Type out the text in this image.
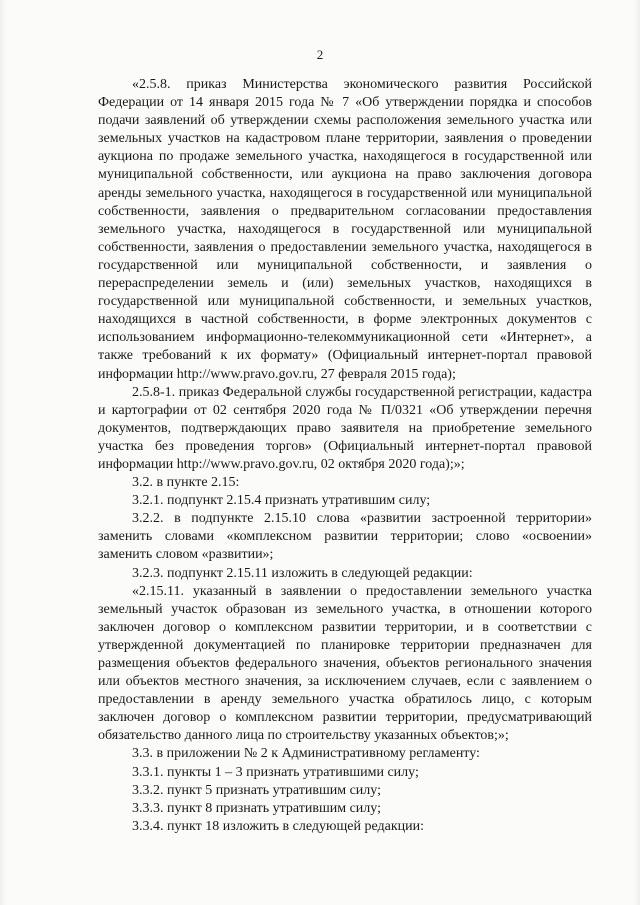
2

«2.5.8. приказ Министерства экономического развития Российской Федерации от 14 января 2015 года № 7 «Об утверждении порядка и способов подачи заявлений об утверждении схемы расположения земельного участка или земельных участков на кадастровом плане территории, заявления о проведении аукциона по продаже земельного участка, находящегося в государственной или муниципальной собственности, или аукциона на право заключения договора аренды земельного участка, находящегося в государственной или муниципальной собственности, заявления о предварительном согласовании предоставления земельного участка, находящегося в государственной или муниципальной собственности, заявления о предоставлении земельного участка, находящегося в государственной или муниципальной собственности, и заявления о перераспределении земель и (или) земельных участков, находящихся в государственной или муниципальной собственности, и земельных участков, находящихся в частной собственности, в форме электронных документов с использованием информационно-телекоммуникационной сети «Интернет», а также требований к их формату» (Официальный интернет-портал правовой информации http://www.pravo.gov.ru, 27 февраля 2015 года);

2.5.8-1. приказ Федеральной службы государственной регистрации, кадастра и картографии от 02 сентября 2020 года № П/0321 «Об утверждении перечня документов, подтверждающих право заявителя на приобретение земельного участка без проведения торгов» (Официальный интернет-портал правовой информации http://www.pravo.gov.ru, 02 октября 2020 года);»;

3.2. в пункте 2.15:

3.2.1. подпункт 2.15.4 признать утратившим силу;

3.2.2. в подпункте 2.15.10 слова «развитии застроенной территории» заменить словами «комплексном развитии территории; слово «освоении» заменить словом «развитии»;

3.2.3. подпункт 2.15.11 изложить в следующей редакции:

«2.15.11. указанный в заявлении о предоставлении земельного участка земельный участок образован из земельного участка, в отношении которого заключен договор о комплексном развитии территории, и в соответствии с утвержденной документацией по планировке территории предназначен для размещения объектов федерального значения, объектов регионального значения или объектов местного значения, за исключением случаев, если с заявлением о предоставлении в аренду земельного участка обратилось лицо, с которым заключен договор о комплексном развитии территории, предусматривающий обязательство данного лица по строительству указанных объектов;»;

3.3. в приложении № 2 к Административному регламенту:

3.3.1. пункты 1 – 3 признать утратившими силу;

3.3.2. пункт 5 признать утратившим силу;

3.3.3. пункт 8 признать утратившим силу;

3.3.4. пункт 18 изложить в следующей редакции:
